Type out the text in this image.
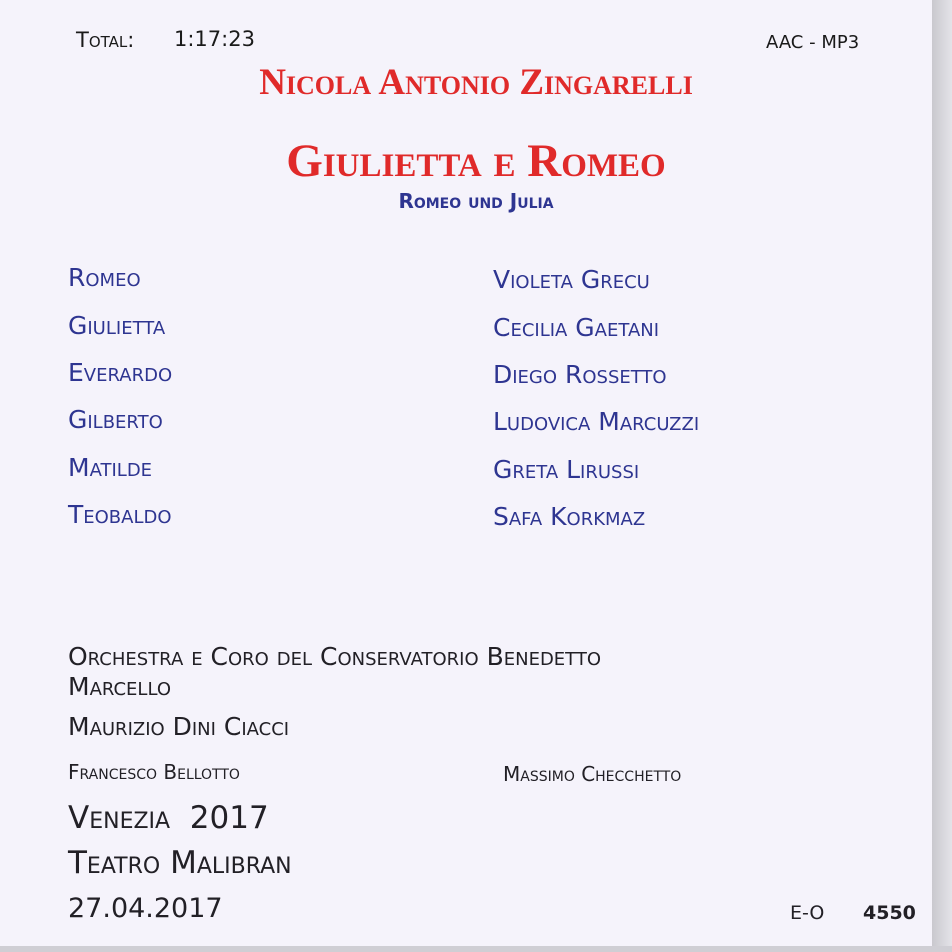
Total: 1:17:23	AAC - MP3
Nicola Antonio Zingarelli
Giulietta e Romeo
Romeo und Julia
Romeo	Violeta Grecu
Giulietta	Cecilia Gaetani
Everardo	Diego Rossetto
Gilberto	Ludovica Marcuzzi
Matilde	Greta Lirussi
Teobaldo	Safa Korkmaz
Orchestra e Coro del Conservatorio Benedetto
Marcello
Maurizio Dini Ciacci
Francesco Bellotto	Massimo Checchetto
Venezia  2017
Teatro Malibran
27.04.2017	E-O 4550
